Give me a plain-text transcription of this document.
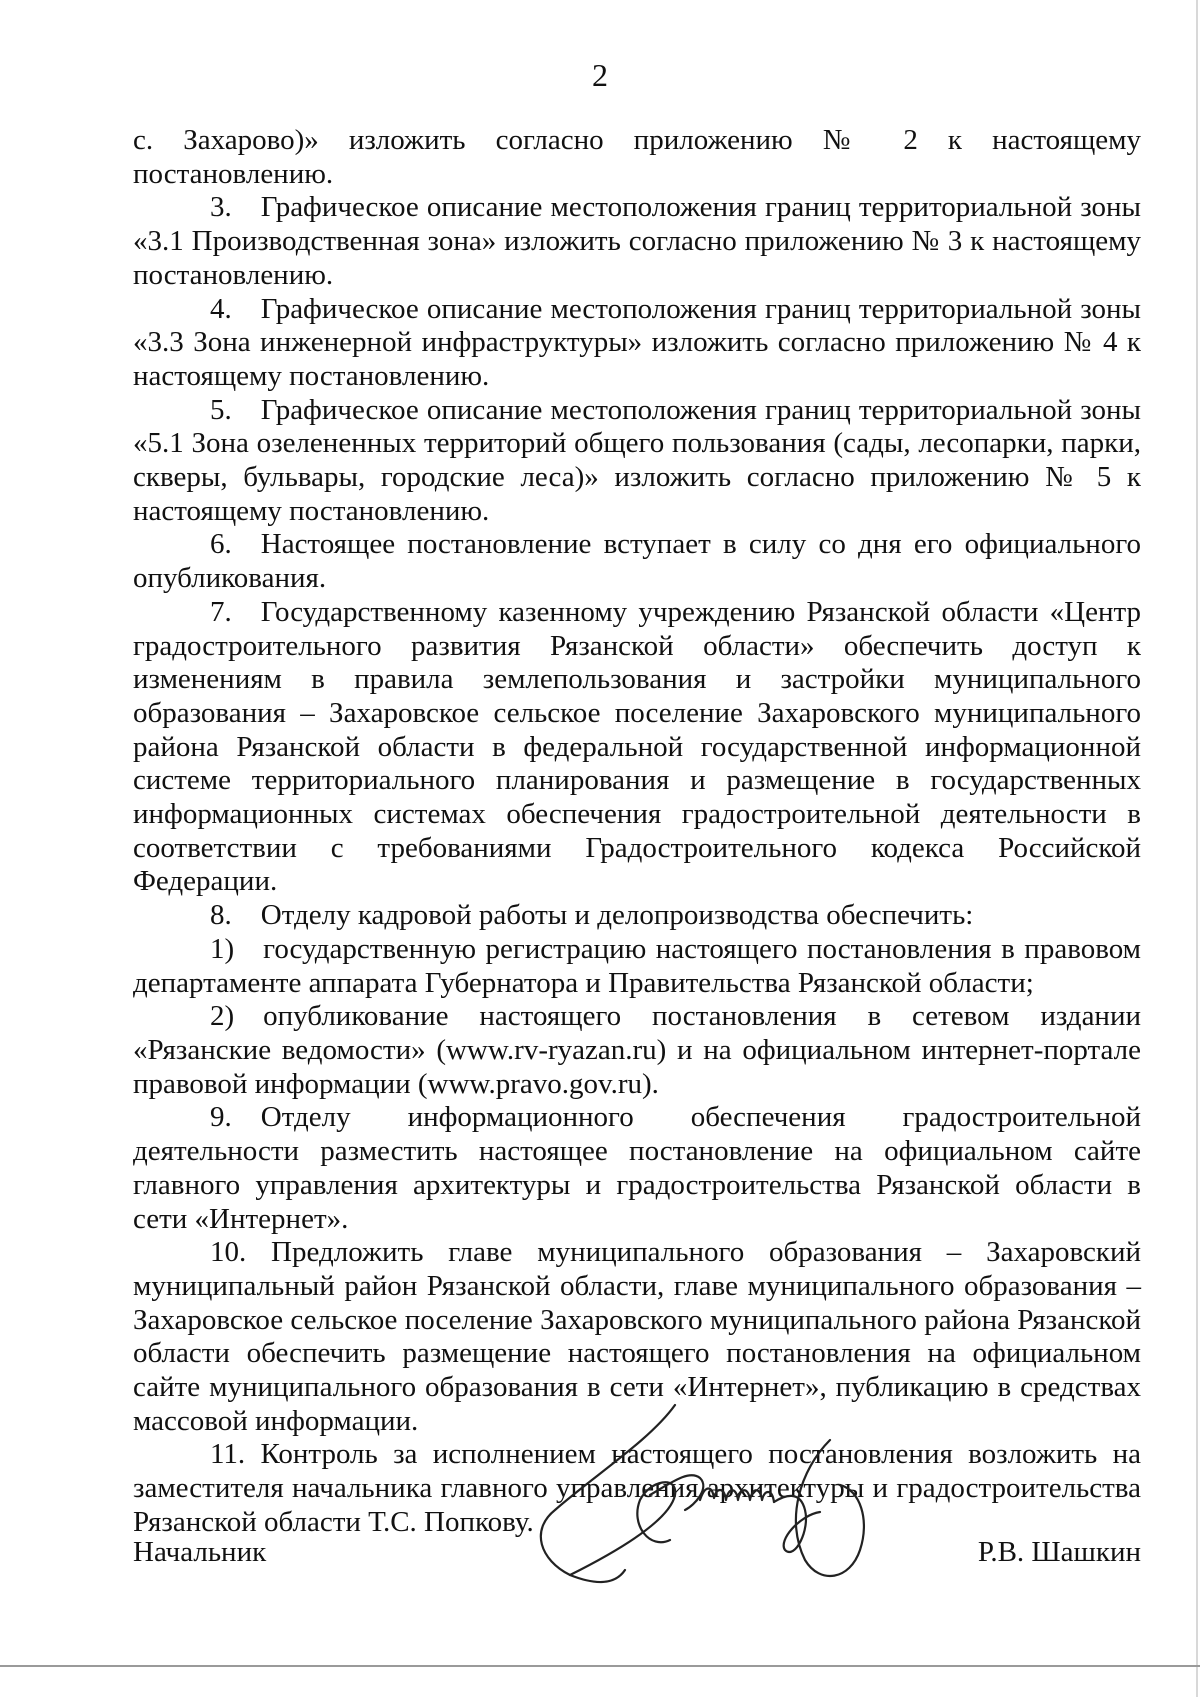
2

с. Захарово)» изложить согласно приложению № 2 к настоящему постановлению.

3. Графическое описание местоположения границ территориальной зоны «3.1 Производственная зона» изложить согласно приложению № 3 к настоящему постановлению.

4. Графическое описание местоположения границ территориальной зоны «3.3 Зона инженерной инфраструктуры» изложить согласно приложению № 4 к настоящему постановлению.

5. Графическое описание местоположения границ территориальной зоны «5.1 Зона озелененных территорий общего пользования (сады, лесопарки, парки, скверы, бульвары, городские леса)» изложить согласно приложению № 5 к настоящему постановлению.

6. Настоящее постановление вступает в силу со дня его официального опубликования.

7. Государственному казенному учреждению Рязанской области «Центр градостроительного развития Рязанской области» обеспечить доступ к изменениям в правила землепользования и застройки муниципального образования – Захаровское сельское поселение Захаровского муниципального района Рязанской области в федеральной государственной информационной системе территориального планирования и размещение в государственных информационных системах обеспечения градостроительной деятельности в соответствии с требованиями Градостроительного кодекса Российской Федерации.

8. Отделу кадровой работы и делопроизводства обеспечить:

1) государственную регистрацию настоящего постановления в правовом департаменте аппарата Губернатора и Правительства Рязанской области;

2) опубликование настоящего постановления в сетевом издании «Рязанские ведомости» (www.rv-ryazan.ru) и на официальном интернет-портале правовой информации (www.pravo.gov.ru).

9. Отделу информационного обеспечения градостроительной деятельности разместить настоящее постановление на официальном сайте главного управления архитектуры и градостроительства Рязанской области в сети «Интернет».

10. Предложить главе муниципального образования – Захаровский муниципальный район Рязанской области, главе муниципального образования – Захаровское сельское поселение Захаровского муниципального района Рязанской области обеспечить размещение настоящего постановления на официальном сайте муниципального образования в сети «Интернет», публикацию в средствах массовой информации.

11. Контроль за исполнением настоящего постановления возложить на заместителя начальника главного управления архитектуры и градостроительства Рязанской области Т.С. Попкову.

Начальник	Р.В. Шашкин
